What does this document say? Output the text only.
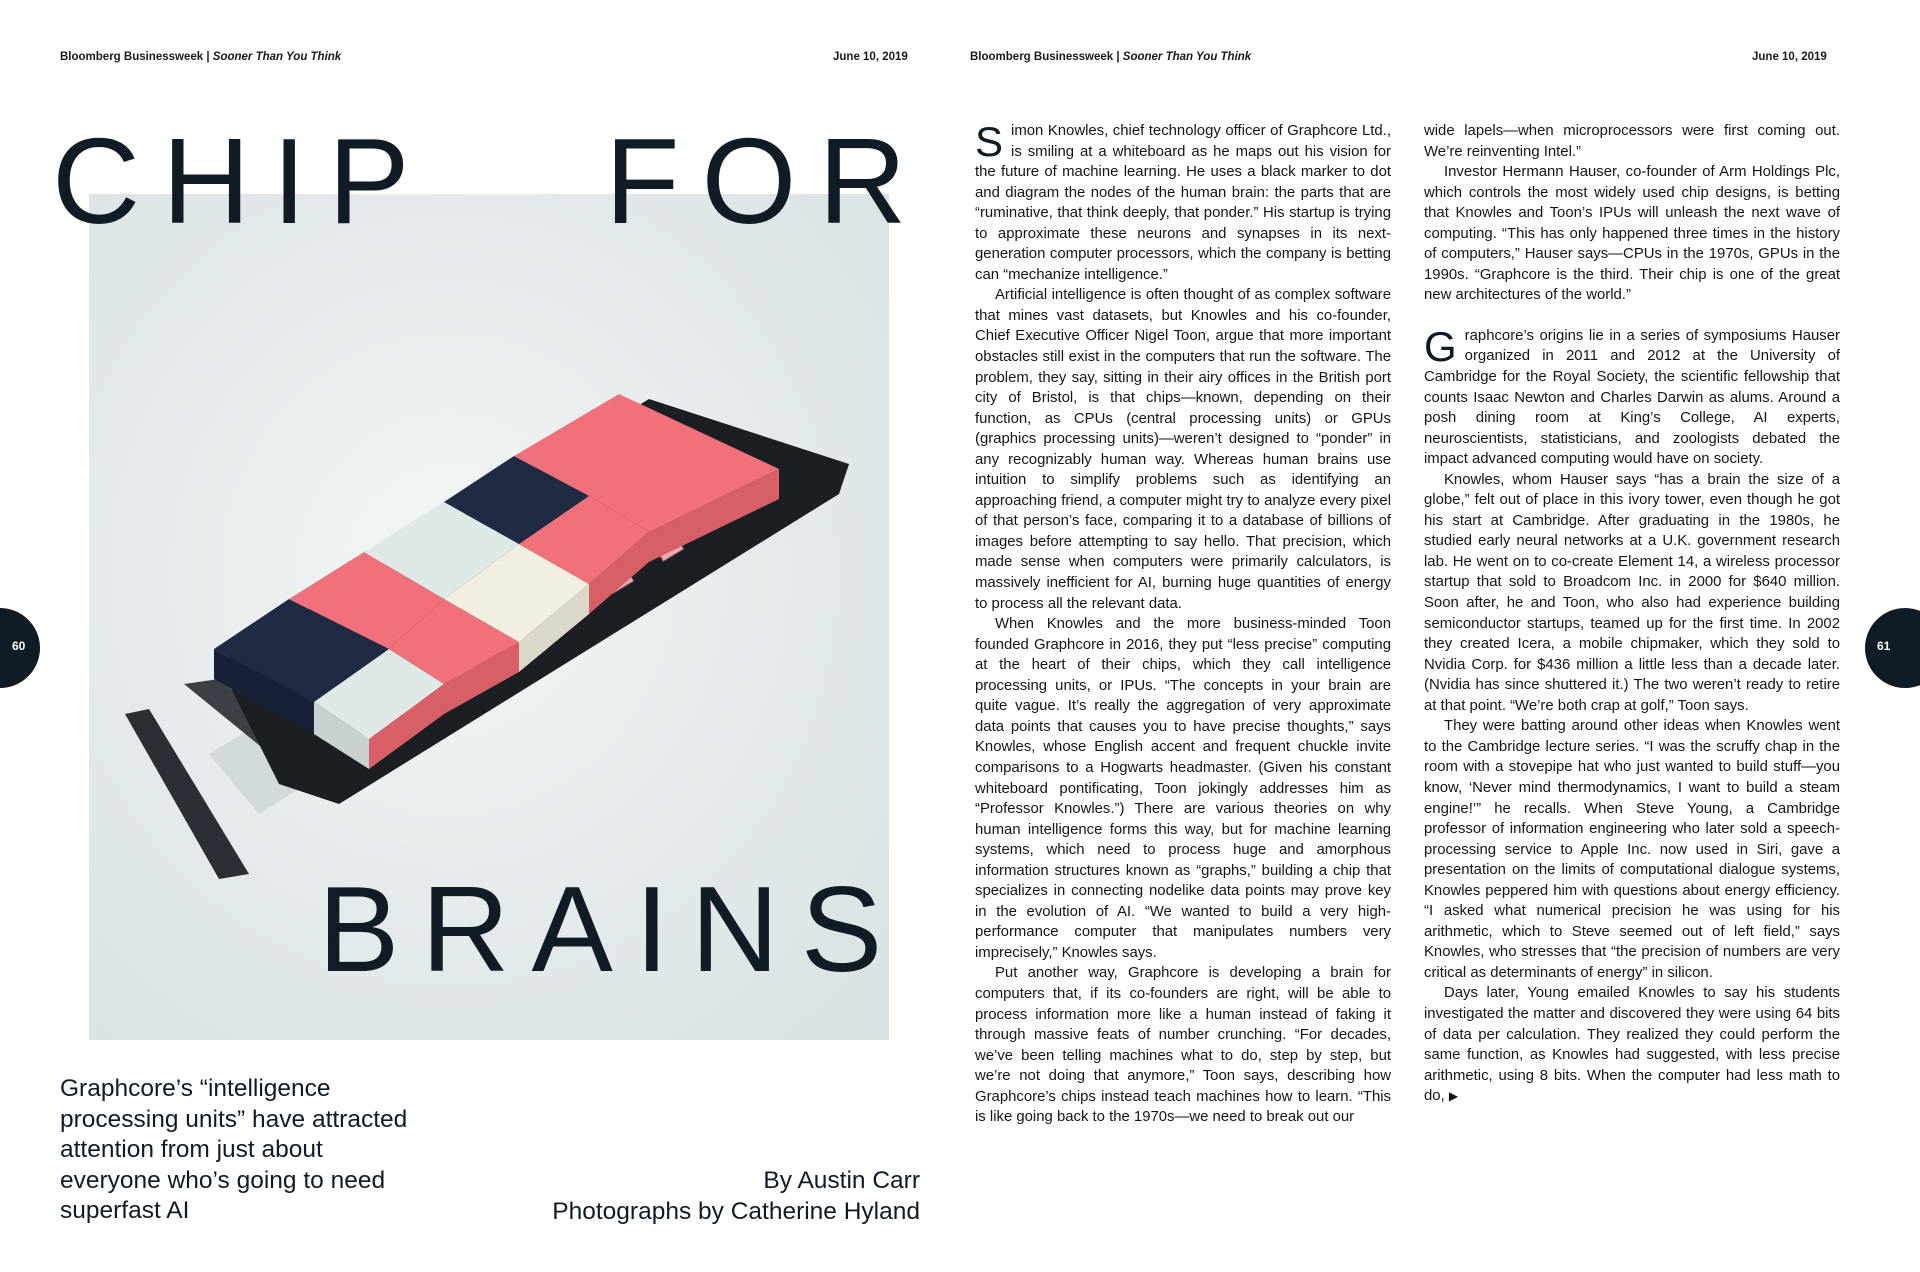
Bloomberg Businessweek | Sooner Than You Think	June 10, 2019	Bloomberg Businessweek | Sooner Than You Think	June 10, 2019
CHIP FOR
BRAINS
Graphcore’s “intelligence processing units” have attracted attention from just about everyone who’s going to need superfast AI
By Austin Carr
Photographs by Catherine Hyland
60	61

Simon Knowles, chief technology officer of Graphcore Ltd., is smiling at a whiteboard as he maps out his vision for the future of machine learning. He uses a black marker to dot and diagram the nodes of the human brain: the parts that are “ruminative, that think deeply, that ponder.” His startup is trying to approximate these neurons and synapses in its next-generation computer processors, which the company is betting can “mechanize intelligence.”

Artificial intelligence is often thought of as complex software that mines vast datasets, but Knowles and his co-founder, Chief Executive Officer Nigel Toon, argue that more important obstacles still exist in the computers that run the software. The problem, they say, sitting in their airy offices in the British port city of Bristol, is that chips—known, depending on their function, as CPUs (central processing units) or GPUs (graphics processing units)—weren’t designed to “ponder” in any recognizably human way. Whereas human brains use intuition to simplify problems such as identifying an approaching friend, a computer might try to analyze every pixel of that person’s face, comparing it to a database of billions of images before attempting to say hello. That precision, which made sense when computers were primarily calculators, is massively inefficient for AI, burning huge quantities of energy to process all the relevant data.

When Knowles and the more business-minded Toon founded Graphcore in 2016, they put “less precise” computing at the heart of their chips, which they call intelligence processing units, or IPUs. “The concepts in your brain are quite vague. It’s really the aggregation of very approximate data points that causes you to have precise thoughts,” says Knowles, whose English accent and frequent chuckle invite comparisons to a Hogwarts headmaster. (Given his constant whiteboard pontificating, Toon jokingly addresses him as “Professor Knowles.”) There are various theories on why human intelligence forms this way, but for machine learning systems, which need to process huge and amorphous information structures known as “graphs,” building a chip that specializes in connecting nodelike data points may prove key in the evolution of AI. “We wanted to build a very high-performance computer that manipulates numbers very imprecisely,” Knowles says.

Put another way, Graphcore is developing a brain for computers that, if its co-founders are right, will be able to process information more like a human instead of faking it through massive feats of number crunching. “For decades, we’ve been telling machines what to do, step by step, but we’re not doing that anymore,” Toon says, describing how Graphcore’s chips instead teach machines how to learn. “This is like going back to the 1970s—we need to break out our

wide lapels—when microprocessors were first coming out. We’re reinventing Intel.”

Investor Hermann Hauser, co-founder of Arm Holdings Plc, which controls the most widely used chip designs, is betting that Knowles and Toon’s IPUs will unleash the next wave of computing. “This has only happened three times in the history of computers,” Hauser says—CPUs in the 1970s, GPUs in the 1990s. “Graphcore is the third. Their chip is one of the great new architectures of the world.”

Graphcore’s origins lie in a series of symposiums Hauser organized in 2011 and 2012 at the University of Cambridge for the Royal Society, the scientific fellowship that counts Isaac Newton and Charles Darwin as alums. Around a posh dining room at King’s College, AI experts, neuroscientists, statisticians, and zoologists debated the impact advanced computing would have on society.

Knowles, whom Hauser says “has a brain the size of a globe,” felt out of place in this ivory tower, even though he got his start at Cambridge. After graduating in the 1980s, he studied early neural networks at a U.K. government research lab. He went on to co-create Element 14, a wireless processor startup that sold to Broadcom Inc. in 2000 for $640 million. Soon after, he and Toon, who also had experience building semiconductor startups, teamed up for the first time. In 2002 they created Icera, a mobile chipmaker, which they sold to Nvidia Corp. for $436 million a little less than a decade later. (Nvidia has since shuttered it.) The two weren’t ready to retire at that point. “We’re both crap at golf,” Toon says.

They were batting around other ideas when Knowles went to the Cambridge lecture series. “I was the scruffy chap in the room with a stovepipe hat who just wanted to build stuff—you know, ‘Never mind thermodynamics, I want to build a steam engine!’” he recalls. When Steve Young, a Cambridge professor of information engineering who later sold a speech-processing service to Apple Inc. now used in Siri, gave a presentation on the limits of computational dialogue systems, Knowles peppered him with questions about energy efficiency. “I asked what numerical precision he was using for his arithmetic, which to Steve seemed out of left field,” says Knowles, who stresses that “the precision of numbers are very critical as determinants of energy” in silicon.

Days later, Young emailed Knowles to say his students investigated the matter and discovered they were using 64 bits of data per calculation. They realized they could perform the same function, as Knowles had suggested, with less precise arithmetic, using 8 bits. When the computer had less math to do, ▶
